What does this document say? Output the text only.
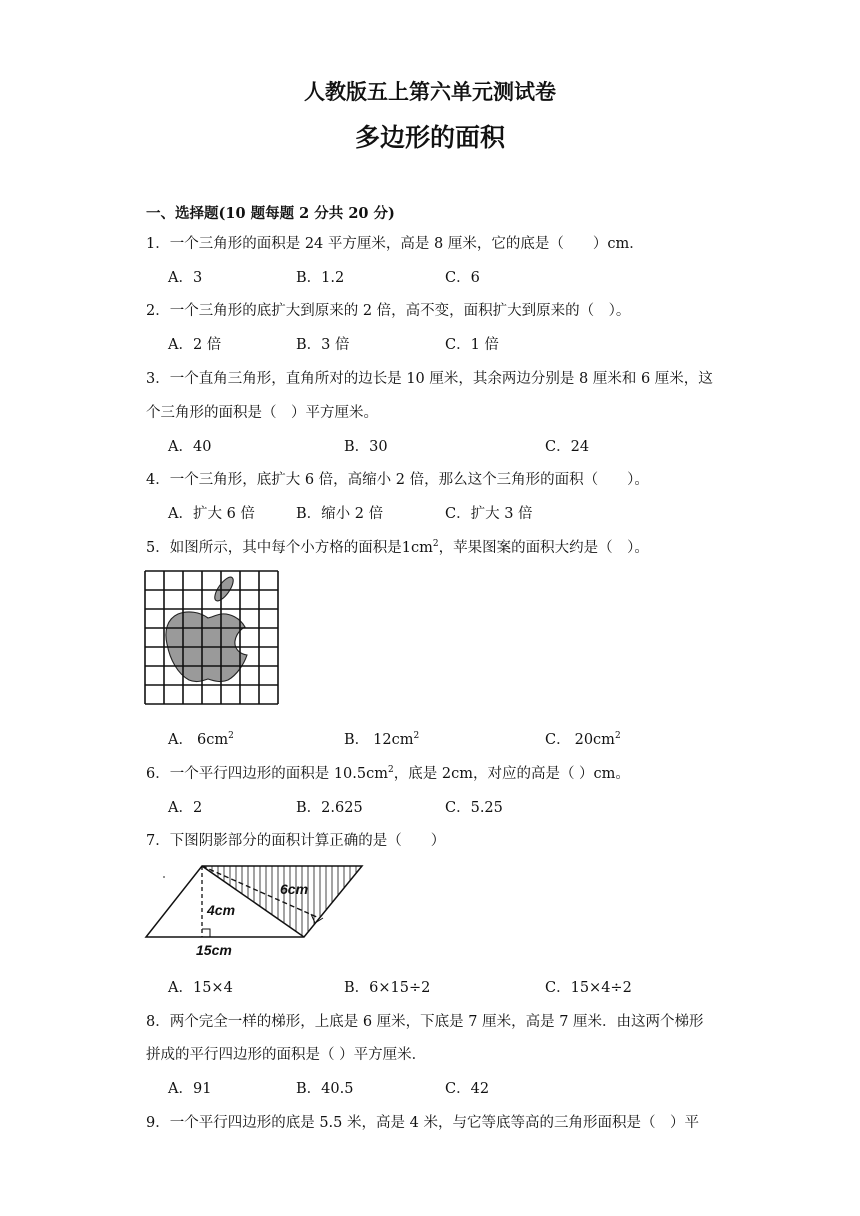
人教版五上第六单元测试卷
多边形的面积
一、选择题(10 题每题 2 分共 20 分)
1．一个三角形的面积是 24 平方厘米，高是 8 厘米，它的底是（　　）cm．
A．3	B．1.2	C．6
2．一个三角形的底扩大到原来的 2 倍，高不变，面积扩大到原来的（　）。
A．2 倍	B．3 倍	C．1 倍
3．一个直角三角形，直角所对的边长是 10 厘米，其余两边分别是 8 厘米和 6 厘米，这
个三角形的面积是（　）平方厘米。
A．40	B．30	C．24
4．一个三角形，底扩大 6 倍，高缩小 2 倍，那么这个三角形的面积（　　）。
A．扩大 6 倍	B．缩小 2 倍	C．扩大 3 倍
5．如图所示，其中每个小方格的面积是$1cm^2$，苹果图案的面积大约是（　）。
A． $6cm^2$	B． $12cm^2$	C． $20cm^2$
6．一个平行四边形的面积是 $10.5cm^2$，底是 2cm，对应的高是（ ）cm。
A．2	B．2.625	C．5.25
7．下图阴影部分的面积计算正确的是（　　）
6cm
4cm
15cm
A．15×4	B．6×15÷2	C．15×4÷2
8．两个完全一样的梯形，上底是 6 厘米，下底是 7 厘米，高是 7 厘米．由这两个梯形
拼成的平行四边形的面积是（ ）平方厘米．
A．91	B．40.5	C．42
9．一个平行四边形的底是 5.5 米，高是 4 米，与它等底等高的三角形面积是（　）平
